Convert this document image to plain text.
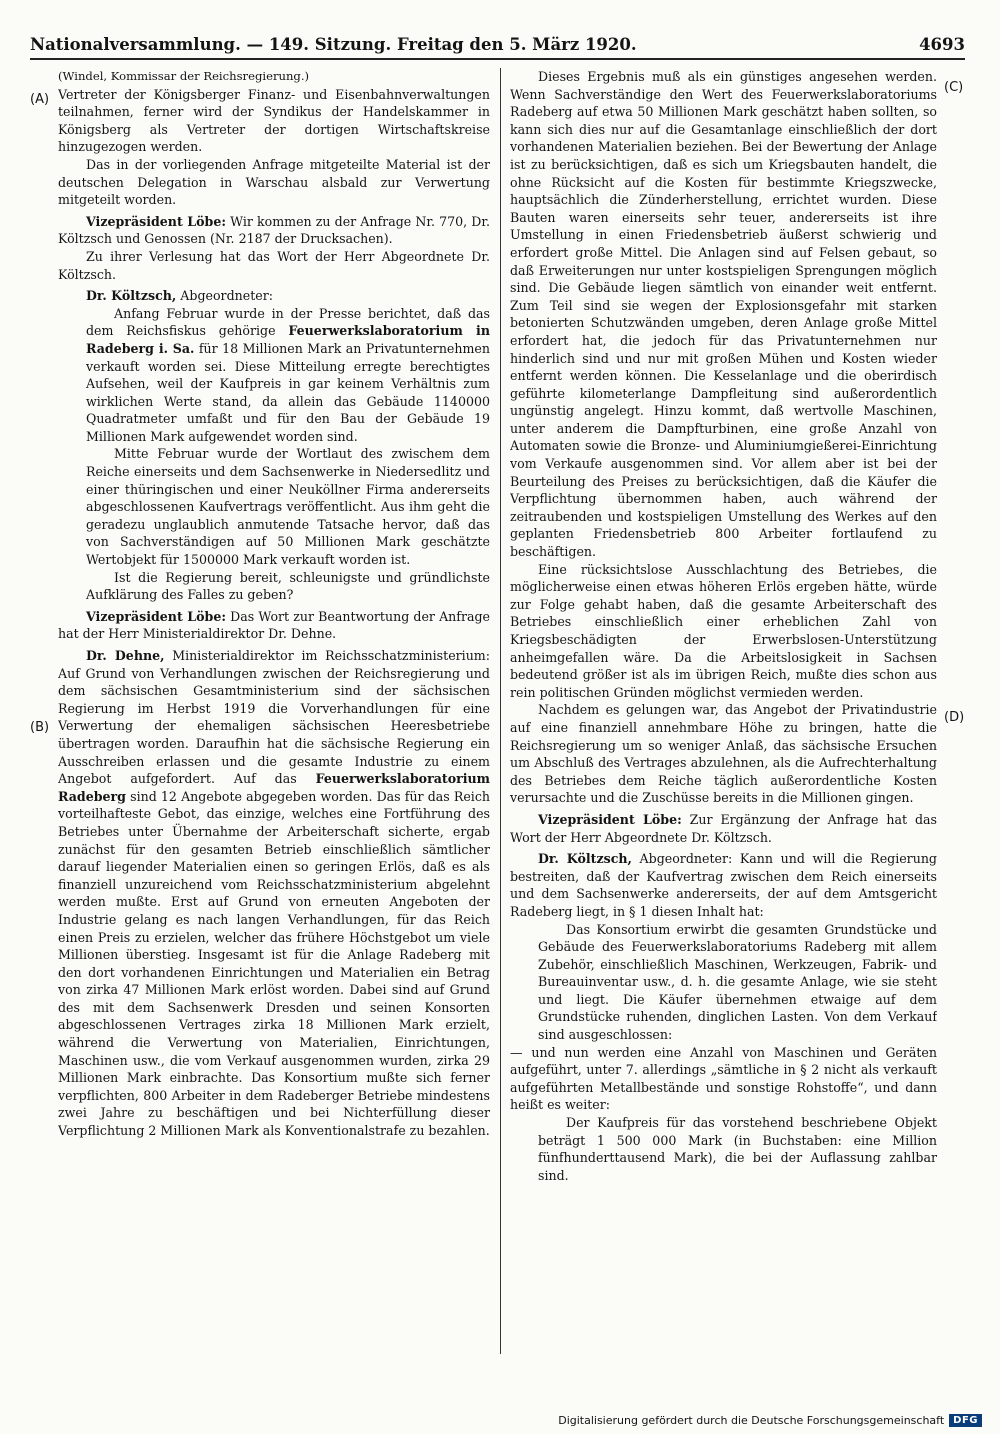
Nationalversammlung. — 149. Sitzung. Freitag den 5. März 1920.	4693
(A)
(B)
(C)
(D)

(Windel, Kommissar der Reichsregierung.)

Vertreter der Königsberger Finanz- und Eisenbahnverwaltungen teilnahmen, ferner wird der Syndikus der Handelskammer in Königsberg als Vertreter der dortigen Wirtschaftskreise hinzugezogen werden.

Das in der vorliegenden Anfrage mitgeteilte Material ist der deutschen Delegation in Warschau alsbald zur Verwertung mitgeteilt worden.

Vizepräsident Löbe: Wir kommen zu der Anfrage Nr. 770, Dr. Költzsch und Genossen (Nr. 2187 der Drucksachen).

Zu ihrer Verlesung hat das Wort der Herr Abgeordnete Dr. Költzsch.

Dr. Költzsch, Abgeordneter:

Anfang Februar wurde in der Presse berichtet, daß das dem Reichsfiskus gehörige Feuerwerkslaboratorium in Radeberg i. Sa. für 18 Millionen Mark an Privatunternehmen verkauft worden sei. Diese Mitteilung erregte berechtigtes Aufsehen, weil der Kaufpreis in gar keinem Verhältnis zum wirklichen Werte stand, da allein das Gebäude 1140000 Quadratmeter umfaßt und für den Bau der Gebäude 19 Millionen Mark aufgewendet worden sind.

Mitte Februar wurde der Wortlaut des zwischem dem Reiche einerseits und dem Sachsenwerke in Niedersedlitz und einer thüringischen und einer Neuköllner Firma andererseits abgeschlossenen Kaufvertrags veröffentlicht. Aus ihm geht die geradezu unglaublich anmutende Tatsache hervor, daß das von Sachverständigen auf 50 Millionen Mark geschätzte Wertobjekt für 1500000 Mark verkauft worden ist.

Ist die Regierung bereit, schleunigste und gründlichste Aufklärung des Falles zu geben?

Vizepräsident Löbe: Das Wort zur Beantwortung der Anfrage hat der Herr Ministerialdirektor Dr. Dehne.

Dr. Dehne, Ministerialdirektor im Reichsschatzministerium: Auf Grund von Verhandlungen zwischen der Reichsregierung und dem sächsischen Gesamtministerium sind der sächsischen Regierung im Herbst 1919 die Vorverhandlungen für eine Verwertung der ehemaligen sächsischen Heeresbetriebe übertragen worden. Daraufhin hat die sächsische Regierung ein Ausschreiben erlassen und die gesamte Industrie zu einem Angebot aufgefordert. Auf das Feuerwerkslaboratorium Radeberg sind 12 Angebote abgegeben worden. Das für das Reich vorteilhafteste Gebot, das einzige, welches eine Fortführung des Betriebes unter Übernahme der Arbeiterschaft sicherte, ergab zunächst für den gesamten Betrieb einschließlich sämtlicher darauf liegender Materialien einen so geringen Erlös, daß es als finanziell unzureichend vom Reichsschatzministerium abgelehnt werden mußte. Erst auf Grund von erneuten Angeboten der Industrie gelang es nach langen Verhandlungen, für das Reich einen Preis zu erzielen, welcher das frühere Höchstgebot um viele Millionen überstieg. Insgesamt ist für die Anlage Radeberg mit den dort vorhandenen Einrichtungen und Materialien ein Betrag von zirka 47 Millionen Mark erlöst worden. Dabei sind auf Grund des mit dem Sachsenwerk Dresden und seinen Konsorten abgeschlossenen Vertrages zirka 18 Millionen Mark erzielt, während die Verwertung von Materialien, Einrichtungen, Maschinen usw., die vom Verkauf ausgenommen wurden, zirka 29 Millionen Mark einbrachte. Das Konsortium mußte sich ferner verpflichten, 800 Arbeiter in dem Radeberger Betriebe mindestens zwei Jahre zu beschäftigen und bei Nichterfüllung dieser Verpflichtung 2 Millionen Mark als Konventionalstrafe zu bezahlen.

Dieses Ergebnis muß als ein günstiges angesehen werden. Wenn Sachverständige den Wert des Feuerwerkslaboratoriums Radeberg auf etwa 50 Millionen Mark geschätzt haben sollten, so kann sich dies nur auf die Gesamtanlage einschließlich der dort vorhandenen Materialien beziehen. Bei der Bewertung der Anlage ist zu berücksichtigen, daß es sich um Kriegsbauten handelt, die ohne Rücksicht auf die Kosten für bestimmte Kriegszwecke, hauptsächlich die Zünderherstellung, errichtet wurden. Diese Bauten waren einerseits sehr teuer, andererseits ist ihre Umstellung in einen Friedensbetrieb äußerst schwierig und erfordert große Mittel. Die Anlagen sind auf Felsen gebaut, so daß Erweiterungen nur unter kostspieligen Sprengungen möglich sind. Die Gebäude liegen sämtlich von einander weit entfernt. Zum Teil sind sie wegen der Explosionsgefahr mit starken betonierten Schutzwänden umgeben, deren Anlage große Mittel erfordert hat, die jedoch für das Privatunternehmen nur hinderlich sind und nur mit großen Mühen und Kosten wieder entfernt werden können. Die Kesselanlage und die oberirdisch geführte kilometerlange Dampfleitung sind außerordentlich ungünstig angelegt. Hinzu kommt, daß wertvolle Maschinen, unter anderem die Dampfturbinen, eine große Anzahl von Automaten sowie die Bronze- und Aluminiumgießerei-Einrichtung vom Verkaufe ausgenommen sind. Vor allem aber ist bei der Beurteilung des Preises zu berücksichtigen, daß die Käufer die Verpflichtung übernommen haben, auch während der zeitraubenden und kostspieligen Umstellung des Werkes auf den geplanten Friedensbetrieb 800 Arbeiter fortlaufend zu beschäftigen.

Eine rücksichtslose Ausschlachtung des Betriebes, die möglicherweise einen etwas höheren Erlös ergeben hätte, würde zur Folge gehabt haben, daß die gesamte Arbeiterschaft des Betriebes einschließlich einer erheblichen Zahl von Kriegsbeschädigten der Erwerbslosen-Unterstützung anheimgefallen wäre. Da die Arbeitslosigkeit in Sachsen bedeutend größer ist als im übrigen Reich, mußte dies schon aus rein politischen Gründen möglichst vermieden werden.

Nachdem es gelungen war, das Angebot der Privatindustrie auf eine finanziell annehmbare Höhe zu bringen, hatte die Reichsregierung um so weniger Anlaß, das sächsische Ersuchen um Abschluß des Vertrages abzulehnen, als die Aufrechterhaltung des Betriebes dem Reiche täglich außerordentliche Kosten verursachte und die Zuschüsse bereits in die Millionen gingen.

Vizepräsident Löbe: Zur Ergänzung der Anfrage hat das Wort der Herr Abgeordnete Dr. Költzsch.

Dr. Költzsch, Abgeordneter: Kann und will die Regierung bestreiten, daß der Kaufvertrag zwischen dem Reich einerseits und dem Sachsenwerke andererseits, der auf dem Amtsgericht Radeberg liegt, in § 1 diesen Inhalt hat:

Das Konsortium erwirbt die gesamten Grundstücke und Gebäude des Feuerwerkslaboratoriums Radeberg mit allem Zubehör, einschließlich Maschinen, Werkzeugen, Fabrik- und Bureauinventar usw., d. h. die gesamte Anlage, wie sie steht und liegt. Die Käufer übernehmen etwaige auf dem Grundstücke ruhenden, dinglichen Lasten. Von dem Verkauf sind ausgeschlossen:

— und nun werden eine Anzahl von Maschinen und Geräten aufgeführt, unter 7. allerdings „sämtliche in § 2 nicht als verkauft aufgeführten Metallbestände und sonstige Rohstoffe“, und dann heißt es weiter:

Der Kaufpreis für das vorstehend beschriebene Objekt beträgt 1 500 000 Mark (in Buchstaben: eine Million fünfhunderttausend Mark), die bei der Auflassung zahlbar sind.

Digitalisierung gefördert durch die Deutsche Forschungsgemeinschaft DFG
